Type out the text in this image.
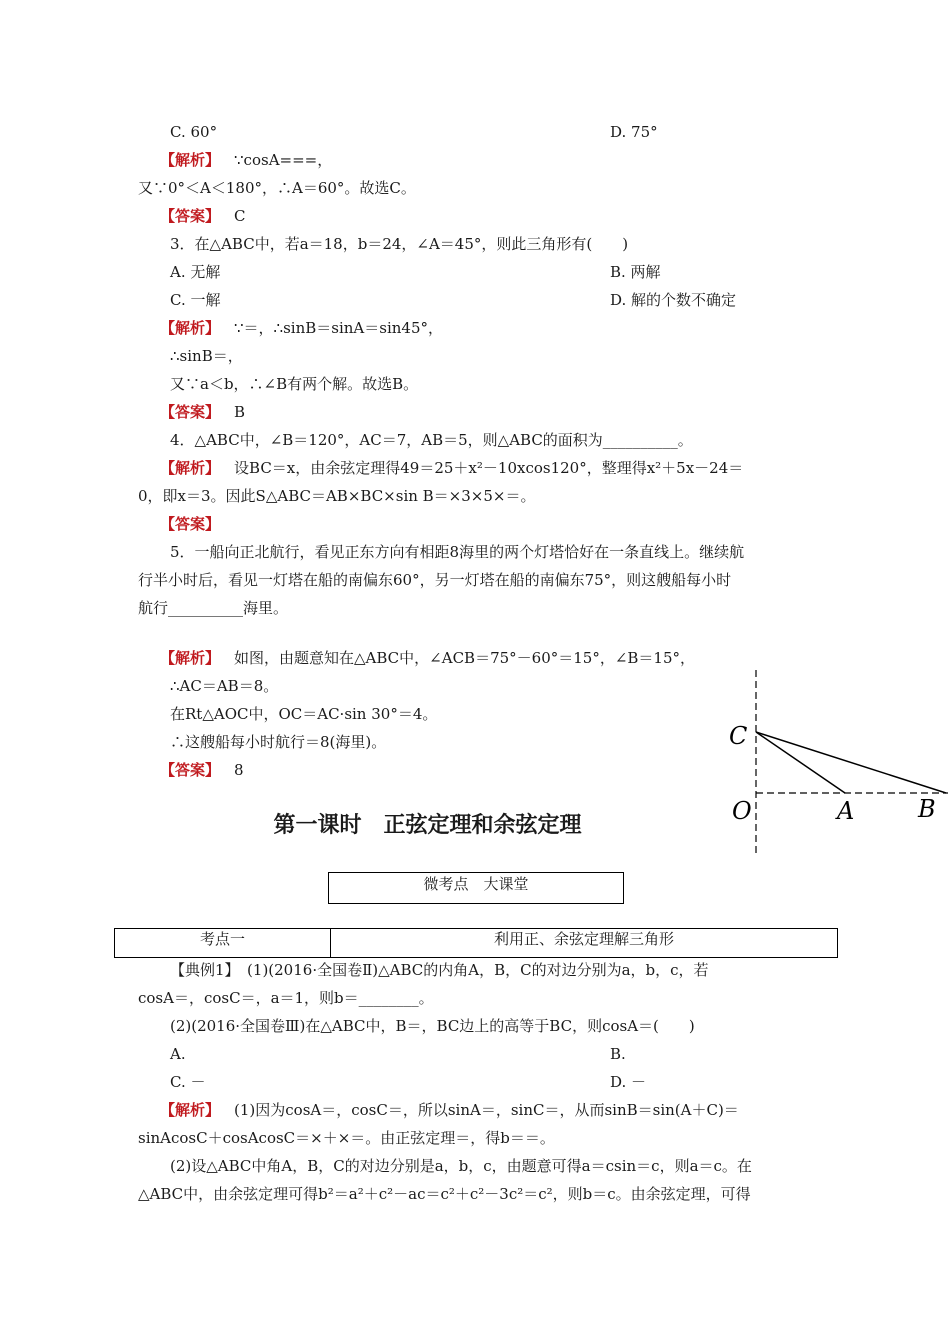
C. 60°	D. 75°
【解析】 ∵cosA===，
又∵0°＜A＜180°，∴A＝60°。故选C。
【答案】 C
3．在△ABC中，若a＝18，b＝24，∠A＝45°，则此三角形有(　　)
A. 无解	B. 两解
C. 一解	D. 解的个数不确定
【解析】 ∵＝，∴sinB＝sinA＝sin45°，
∴sinB＝，
又∵a＜b，∴∠B有两个解。故选B。
【答案】 B
4．△ABC中，∠B＝120°，AC＝7，AB＝5，则△ABC的面积为__________。
【解析】 设BC＝x，由余弦定理得49＝25＋x²－10xcos120°，整理得x²＋5x－24＝
0，即x＝3。因此S△ABC＝AB×BC×sin B＝×3×5×＝。
【答案】
5．一船向正北航行，看见正东方向有相距8海里的两个灯塔恰好在一条直线上。继续航
行半小时后，看见一灯塔在船的南偏东60°，另一灯塔在船的南偏东75°，则这艘船每小时
航行__________海里。
【解析】 如图，由题意知在△ABC中，∠ACB＝75°－60°＝15°，∠B＝15°，
∴AC＝AB＝8。
在Rt△AOC中，OC＝AC·sin 30°＝4。
∴这艘船每小时航行＝8(海里)。
【答案】 8
C
O	A	B
第一课时　正弦定理和余弦定理
微考点　大课堂
考点一	利用正、余弦定理解三角形
【典例1】　(1)(2016·全国卷Ⅱ)△ABC的内角A，B，C的对边分别为a，b，c，若
cosA＝，cosC＝，a＝1，则b＝________。
(2)(2016·全国卷Ⅲ)在△ABC中，B＝，BC边上的高等于BC，则cosA＝(　　)
A.	B.
C. －	D. －
【解析】 (1)因为cosA＝，cosC＝，所以sinA＝，sinC＝，从而sinB＝sin(A＋C)＝
sinAcosC＋cosAcosC＝×＋×＝。由正弦定理＝，得b＝＝。
(2)设△ABC中角A，B，C的对边分别是a，b，c，由题意可得a＝csin＝c，则a＝c。在
△ABC中，由余弦定理可得b²＝a²＋c²－ac＝c²＋c²－3c²＝c²，则b＝c。由余弦定理，可得
